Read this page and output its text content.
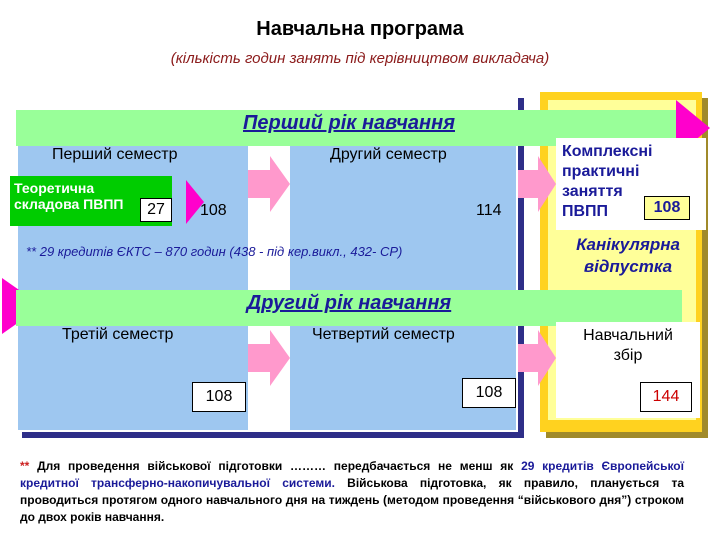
Навчальна програма
(кількість годин занять під керівництвом викладача)
Перший рік навчання
Перший семестр	Другий семестр
Теоретична складова ПВПП	27	108	114
** 29 кредитів ЄКТС – 870 годин (438 - під кер.викл., 432- СР)
Другий рік навчання
Третій семестр	Четвертий семестр
108	108
Комплексні
практичні
заняття
ПВПП	108
Канікулярна
відпустка
Навчальний
збір
144
** Для проведення військової підготовки ……… передбачається не менш як 29 кредитів Європейської кредитної трансферно-накопичувальної системи. Військова підготовка, як правило, планується та проводиться протягом одного навчального дня на тиждень (методом проведення “військового дня”) строком до двох років навчання.
